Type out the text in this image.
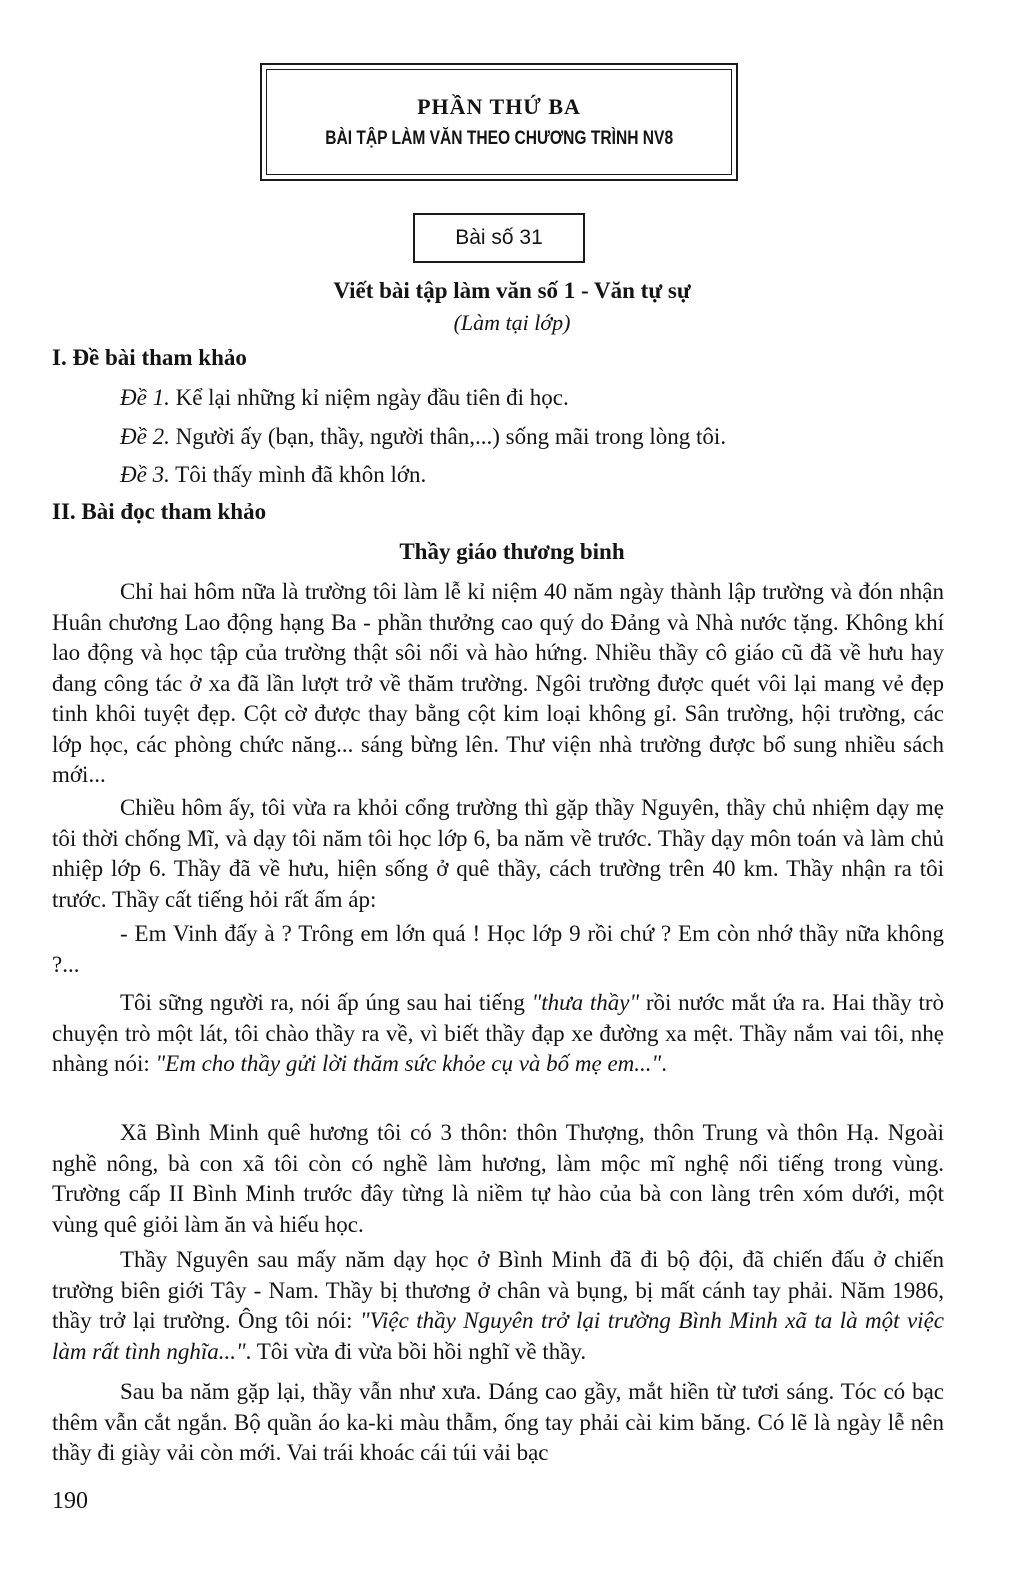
PHẦN THỨ BA
BÀI TẬP LÀM VĂN THEO CHƯƠNG TRÌNH NV8
Bài số 31
Viết bài tập làm văn số 1 - Văn tự sự
(Làm tại lớp)
I. Đề bài tham khảo
Đề 1. Kể lại những kỉ niệm ngày đầu tiên đi học.
Đề 2. Người ấy (bạn, thầy, người thân,...) sống mãi trong lòng tôi.
Đề 3. Tôi thấy mình đã khôn lớn.
II. Bài đọc tham khảo
Thầy giáo thương binh

Chỉ hai hôm nữa là trường tôi làm lễ kỉ niệm 40 năm ngày thành lập trường và đón nhận Huân chương Lao động hạng Ba - phần thưởng cao quý do Đảng và Nhà nước tặng. Không khí lao động và học tập của trường thật sôi nổi và hào hứng. Nhiều thầy cô giáo cũ đã về hưu hay đang công tác ở xa đã lần lượt trở về thăm trường. Ngôi trường được quét vôi lại mang vẻ đẹp tinh khôi tuyệt đẹp. Cột cờ được thay bằng cột kim loại không gỉ. Sân trường, hội trường, các lớp học, các phòng chức năng... sáng bừng lên. Thư viện nhà trường được bổ sung nhiều sách mới...

Chiều hôm ấy, tôi vừa ra khỏi cổng trường thì gặp thầy Nguyên, thầy chủ nhiệm dạy mẹ tôi thời chống Mĩ, và dạy tôi năm tôi học lớp 6, ba năm về trước. Thầy dạy môn toán và làm chủ nhiệp lớp 6. Thầy đã về hưu, hiện sống ở quê thầy, cách trường trên 40 km. Thầy nhận ra tôi trước. Thầy cất tiếng hỏi rất ấm áp:

- Em Vinh đấy à ? Trông em lớn quá ! Học lớp 9 rồi chứ ? Em còn nhớ thầy nữa không ?...

Tôi sững người ra, nói ấp úng sau hai tiếng "thưa thầy" rồi nước mắt ứa ra. Hai thầy trò chuyện trò một lát, tôi chào thầy ra về, vì biết thầy đạp xe đường xa mệt. Thầy nắm vai tôi, nhẹ nhàng nói: "Em cho thầy gửi lời thăm sức khỏe cụ và bố mẹ em...".

Xã Bình Minh quê hương tôi có 3 thôn: thôn Thượng, thôn Trung và thôn Hạ. Ngoài nghề nông, bà con xã tôi còn có nghề làm hương, làm mộc mĩ nghệ nổi tiếng trong vùng. Trường cấp II Bình Minh trước đây từng là niềm tự hào của bà con làng trên xóm dưới, một vùng quê giỏi làm ăn và hiếu học.

Thầy Nguyên sau mấy năm dạy học ở Bình Minh đã đi bộ đội, đã chiến đấu ở chiến trường biên giới Tây - Nam. Thầy bị thương ở chân và bụng, bị mất cánh tay phải. Năm 1986, thầy trở lại trường. Ông tôi nói: "Việc thầy Nguyên trở lại trường Bình Minh xã ta là một việc làm rất tình nghĩa...". Tôi vừa đi vừa bồi hồi nghĩ về thầy.

Sau ba năm gặp lại, thầy vẫn như xưa. Dáng cao gầy, mắt hiền từ tươi sáng. Tóc có bạc thêm vẫn cắt ngắn. Bộ quần áo ka-ki màu thẫm, ống tay phải cài kim băng. Có lẽ là ngày lễ nên thầy đi giày vải còn mới. Vai trái khoác cái túi vải bạc

190
